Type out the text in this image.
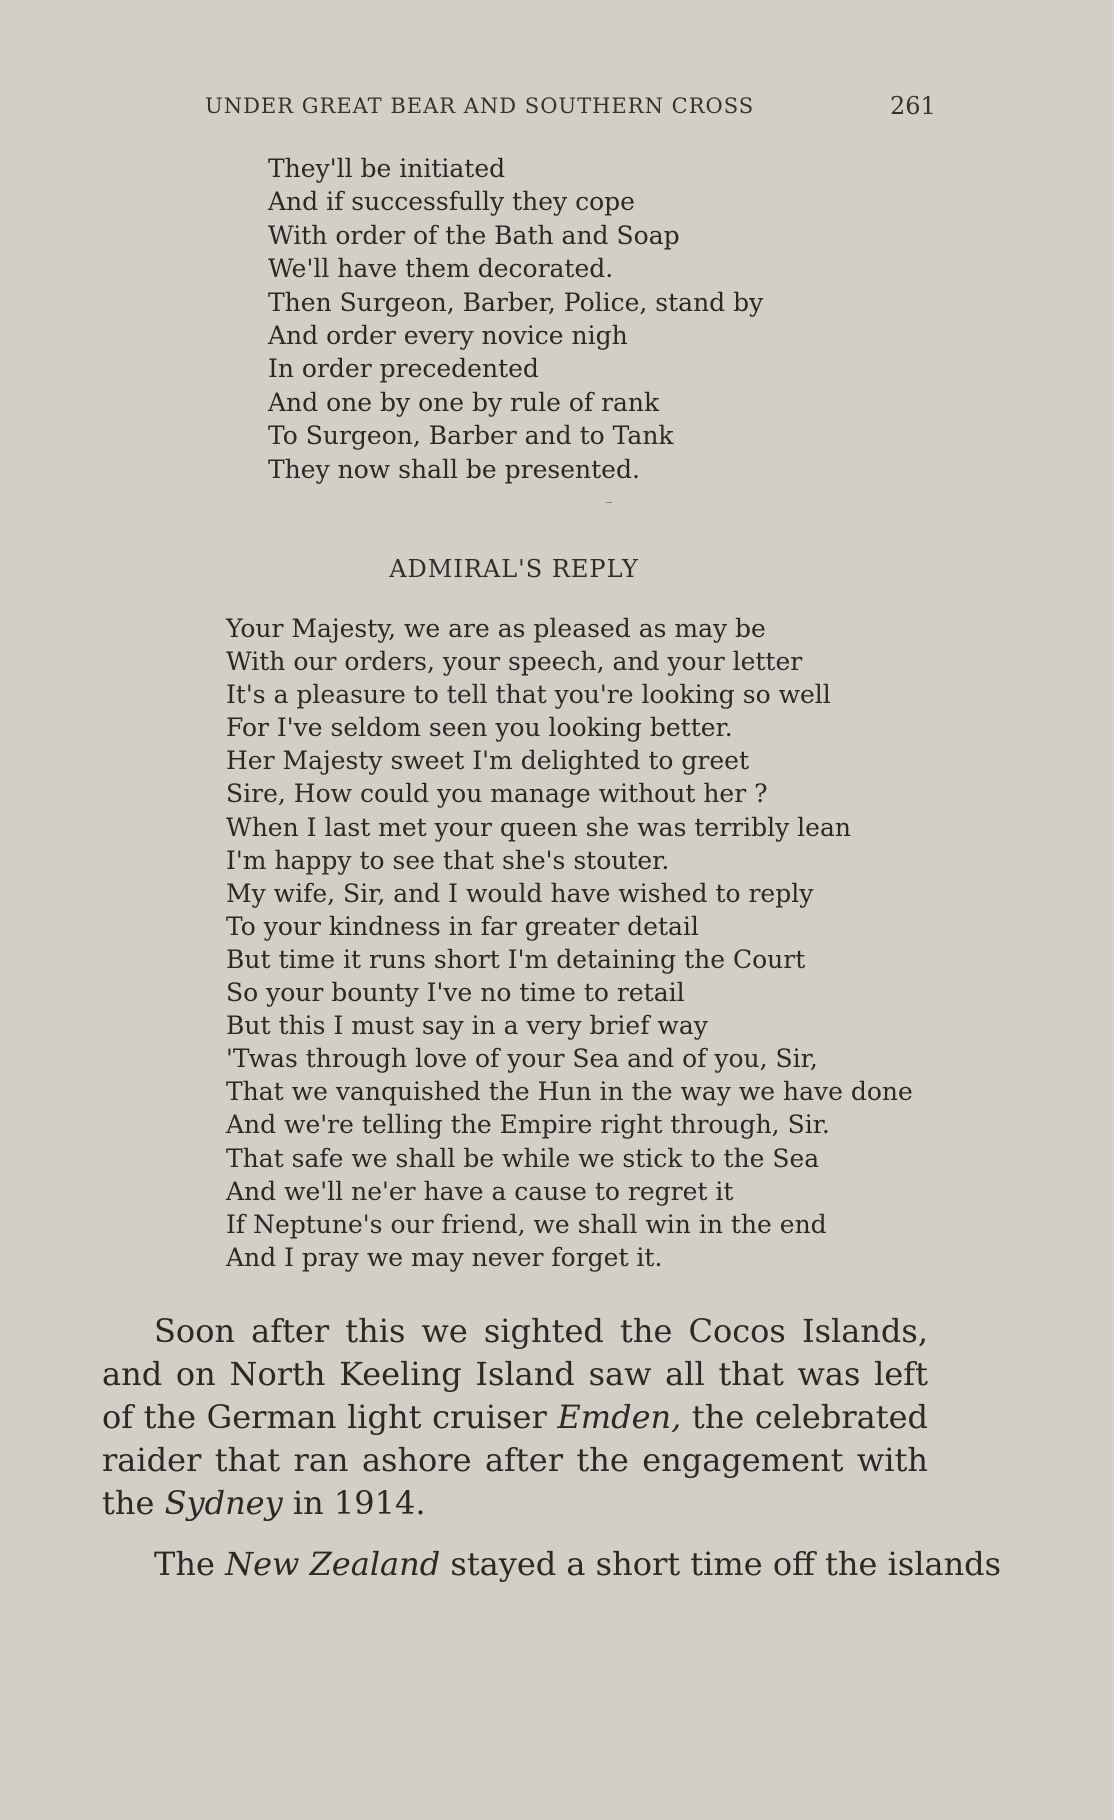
UNDER GREAT BEAR AND SOUTHERN CROSS	261
They'll be initiated
And if successfully they cope
With order of the Bath and Soap
We'll have them decorated.
Then Surgeon, Barber, Police, stand by
And order every novice nigh
In order precedented
And one by one by rule of rank
To Surgeon, Barber and to Tank
They now shall be presented.
ADMIRAL'S REPLY
Your Majesty, we are as pleased as may be
With our orders, your speech, and your letter
It's a pleasure to tell that you're looking so well
For I've seldom seen you looking better.
Her Majesty sweet I'm delighted to greet
Sire, How could you manage without her ?
When I last met your queen she was terribly lean
I'm happy to see that she's stouter.
My wife, Sir, and I would have wished to reply
To your kindness in far greater detail
But time it runs short I'm detaining the Court
So your bounty I've no time to retail
But this I must say in a very brief way
'Twas through love of your Sea and of you, Sir,
That we vanquished the Hun in the way we have done
And we're telling the Empire right through, Sir.
That safe we shall be while we stick to the Sea
And we'll ne'er have a cause to regret it
If Neptune's our friend, we shall win in the end
And I pray we may never forget it.

Soon after this we sighted the Cocos Islands, and on North Keeling Island saw all that was left of the German light cruiser Emden, the celebrated raider that ran ashore after the engagement with the Sydney in 1914.

The New Zealand stayed a short time off the islands
